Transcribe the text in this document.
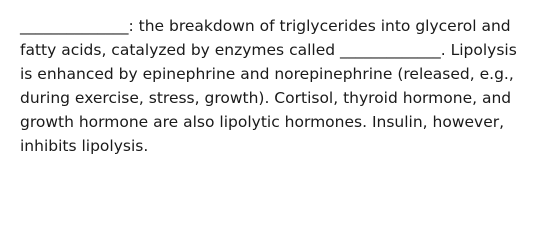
______________: the breakdown of triglycerides into glycerol and
fatty acids, catalyzed by enzymes called _____________. Lipolysis
is enhanced by epinephrine and norepinephrine (released, e.g.,
during exercise, stress, growth). Cortisol, thyroid hormone, and
growth hormone are also lipolytic hormones. Insulin, however,
inhibits lipolysis.
